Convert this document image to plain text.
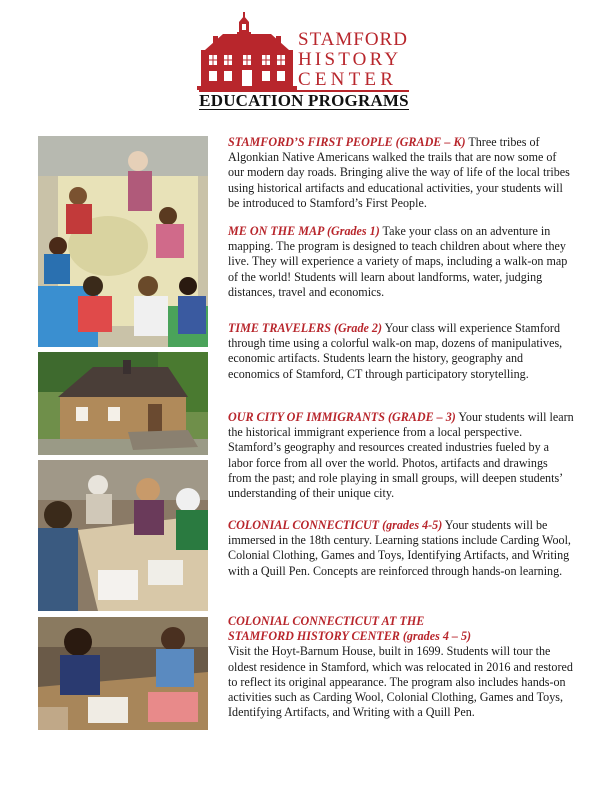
STAMFORD
HISTORY
CENTER
EDUCATION PROGRAMS
STAMFORD’S FIRST PEOPLE (GRADE – K) Three tribes of Algonkian Native Americans walked the trails that are now some of our modern day roads. Bringing alive the way of life of the local tribes using historical artifacts and educational activities, your students will be introduced to Stamford’s First People.
ME ON THE MAP (Grades 1) Take your class on an adventure in mapping. The program is designed to teach children about where they live. They will experience a variety of maps, including a walk-on map of the world! Students will learn about landforms, water, judging distances, travel and economics.
TIME TRAVELERS (Grade 2) Your class will experience Stamford through time using a colorful walk-on map, dozens of manipulatives, economic artifacts. Students learn the history, geography and economics of Stamford, CT through participatory storytelling.
OUR CITY OF IMMIGRANTS (GRADE – 3) Your students will learn the historical immigrant experience from a local perspective. Stamford’s geography and resources created industries fueled by a labor force from all over the world. Photos, artifacts and drawings from the past; and role playing in small groups, will deepen students’ understanding of their unique city.
COLONIAL CONNECTICUT (grades 4-5) Your students will be immersed in the 18th century. Learning stations include Carding Wool, Colonial Clothing, Games and Toys, Identifying Artifacts, and Writing with a Quill Pen. Concepts are reinforced through hands-on learning.
COLONIAL CONNECTICUT AT THE
STAMFORD HISTORY CENTER (grades 4 – 5)
Visit the Hoyt-Barnum House, built in 1699. Students will tour the oldest residence in Stamford, which was relocated in 2016 and restored to reflect its original appearance. The program also includes hands-on activities such as Carding Wool, Colonial Clothing, Games and Toys, Identifying Artifacts, and Writing with a Quill Pen.
